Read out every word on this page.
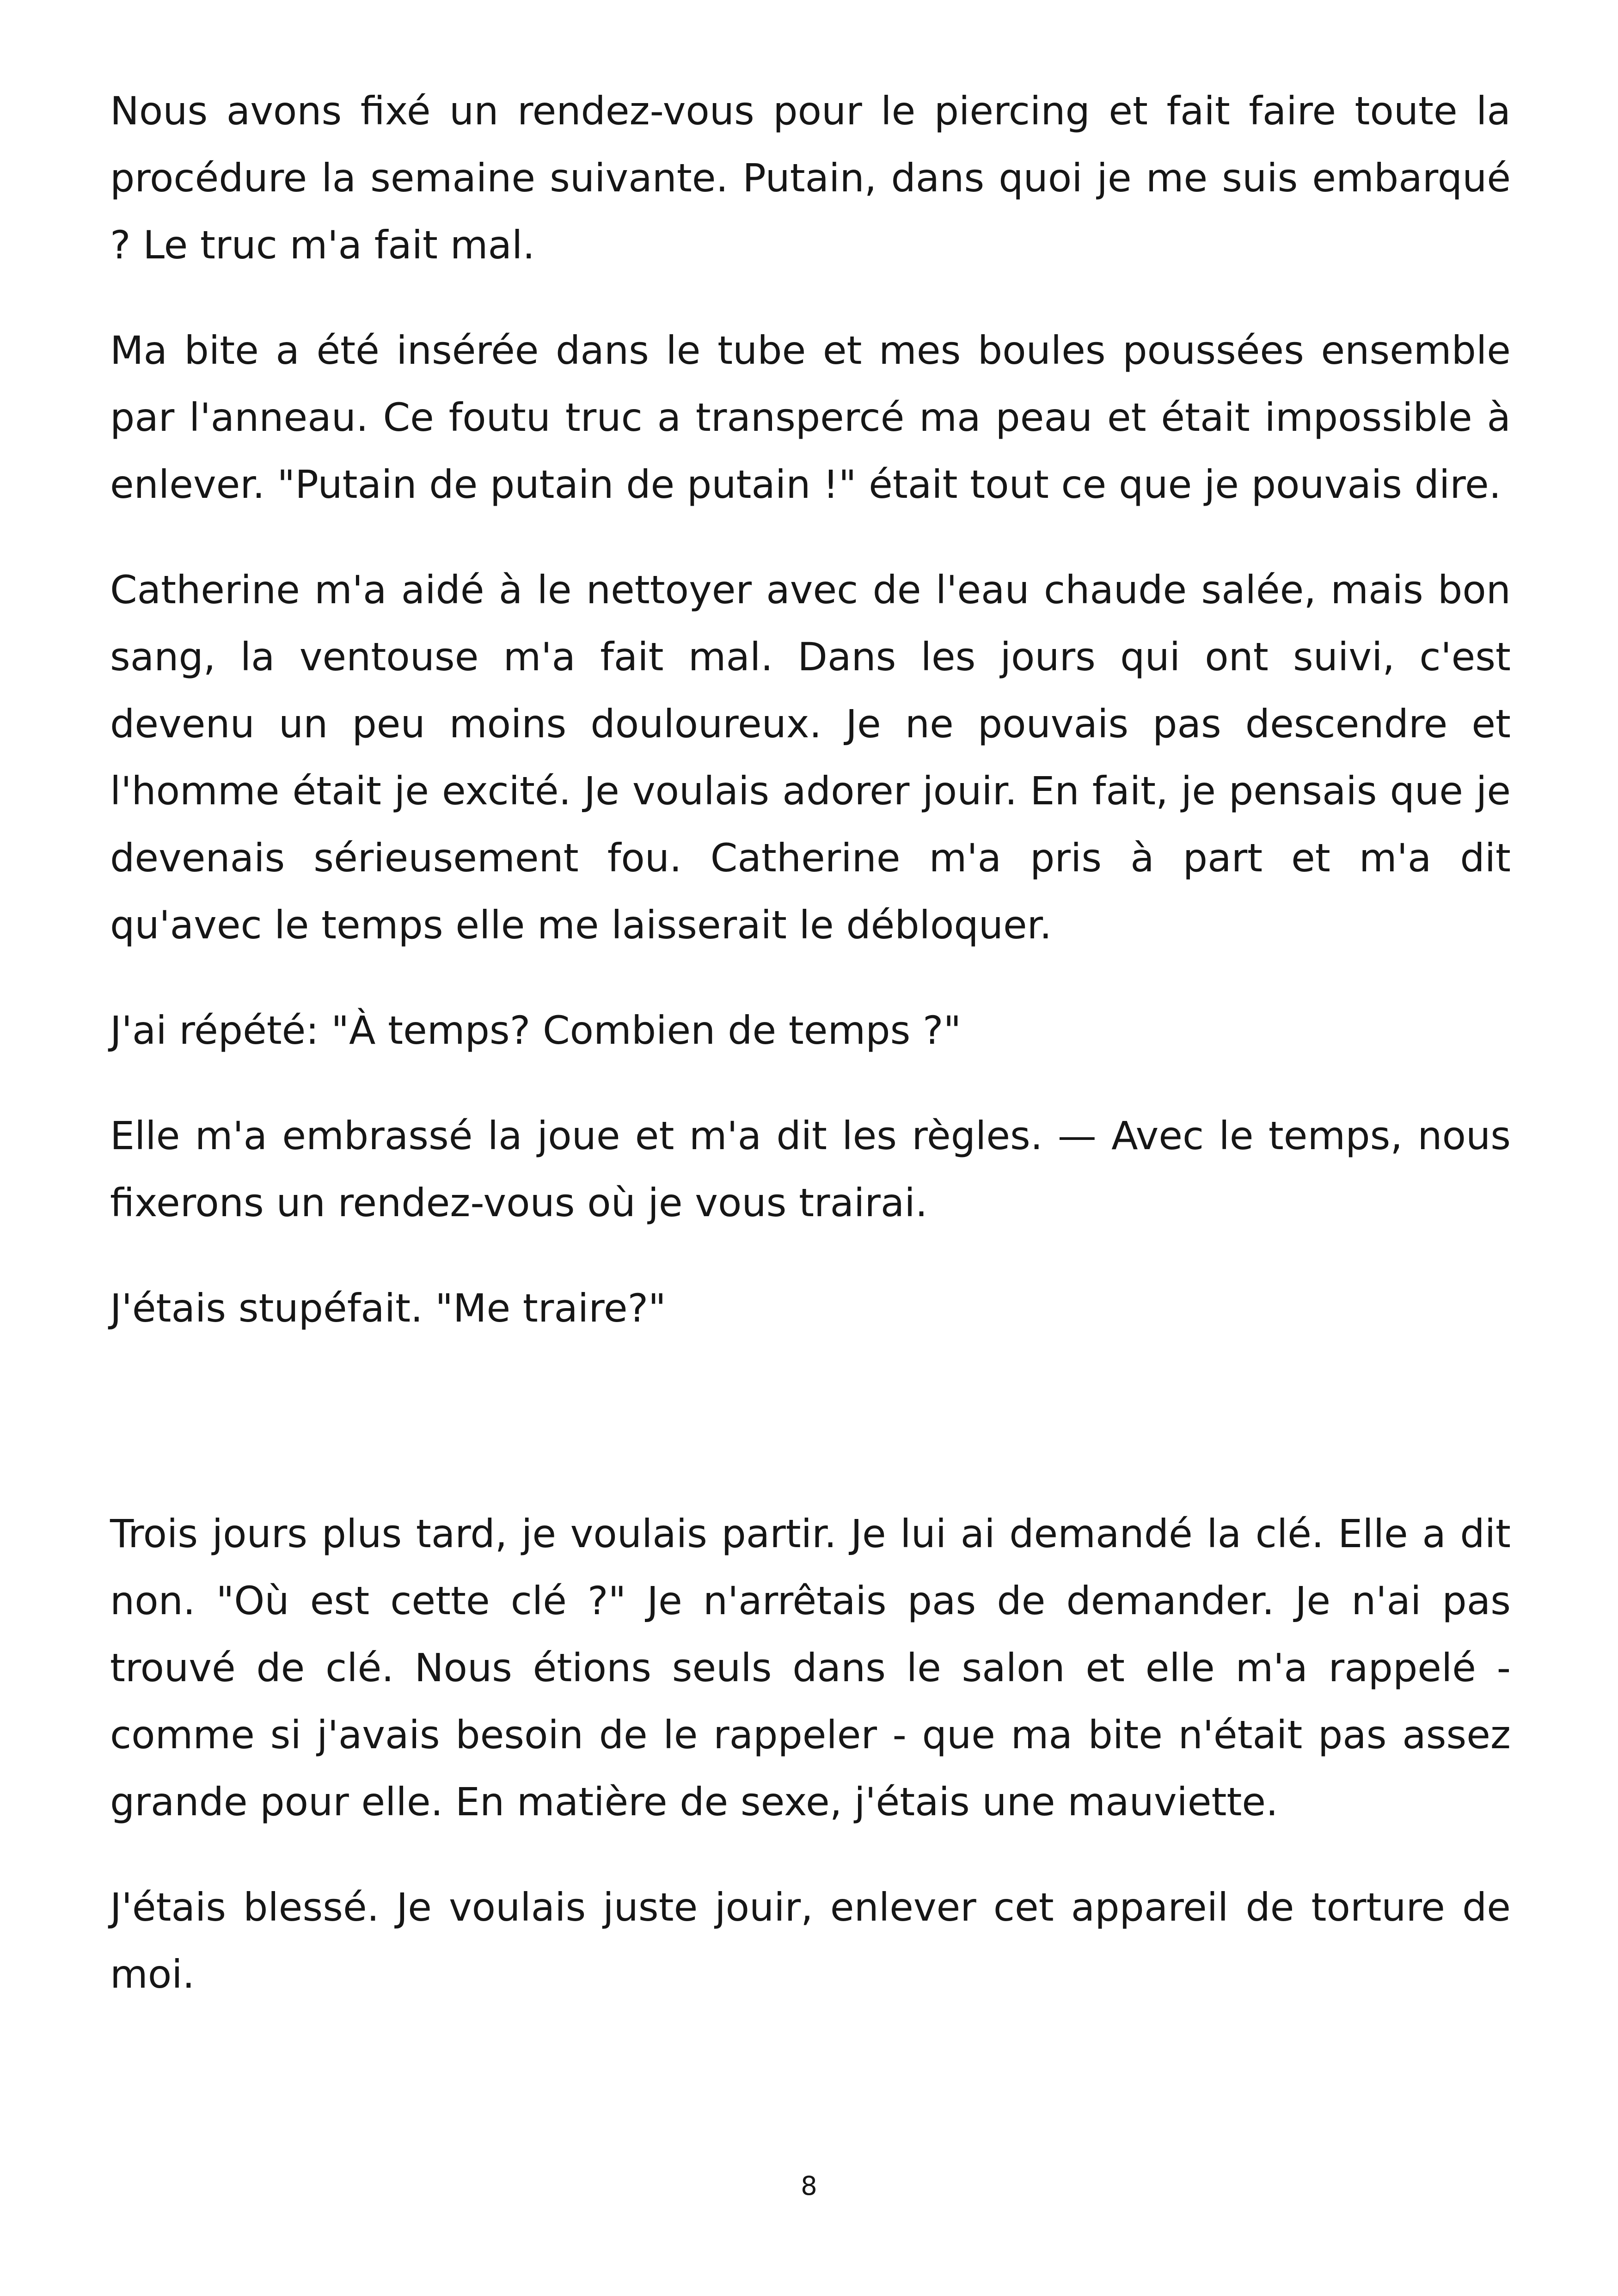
Nous avons fixé un rendez-vous pour le piercing et fait faire toute la procédure la semaine suivante. Putain, dans quoi je me suis embarqué ? Le truc m'a fait mal.

Ma bite a été insérée dans le tube et mes boules poussées ensemble par l'anneau. Ce foutu truc a transpercé ma peau et était impossible à enlever. "Putain de putain de putain !" était tout ce que je pouvais dire.

Catherine m'a aidé à le nettoyer avec de l'eau chaude salée, mais bon sang, la ventouse m'a fait mal. Dans les jours qui ont suivi, c'est devenu un peu moins douloureux. Je ne pouvais pas descendre et l'homme était je excité. Je voulais adorer jouir. En fait, je pensais que je devenais sérieusement fou. Catherine m'a pris à part et m'a dit qu'avec le temps elle me laisserait le débloquer.

J'ai répété: "À temps? Combien de temps ?"

Elle m'a embrassé la joue et m'a dit les règles. — Avec le temps, nous fixerons un rendez-vous où je vous trairai.

J'étais stupéfait. "Me traire?"

Trois jours plus tard, je voulais partir. Je lui ai demandé la clé. Elle a dit non. "Où est cette clé ?" Je n'arrêtais pas de demander. Je n'ai pas trouvé de clé. Nous étions seuls dans le salon et elle m'a rappelé - comme si j'avais besoin de le rappeler - que ma bite n'était pas assez grande pour elle. En matière de sexe, j'étais une mauviette.

J'étais blessé. Je voulais juste jouir, enlever cet appareil de torture de moi.

8
